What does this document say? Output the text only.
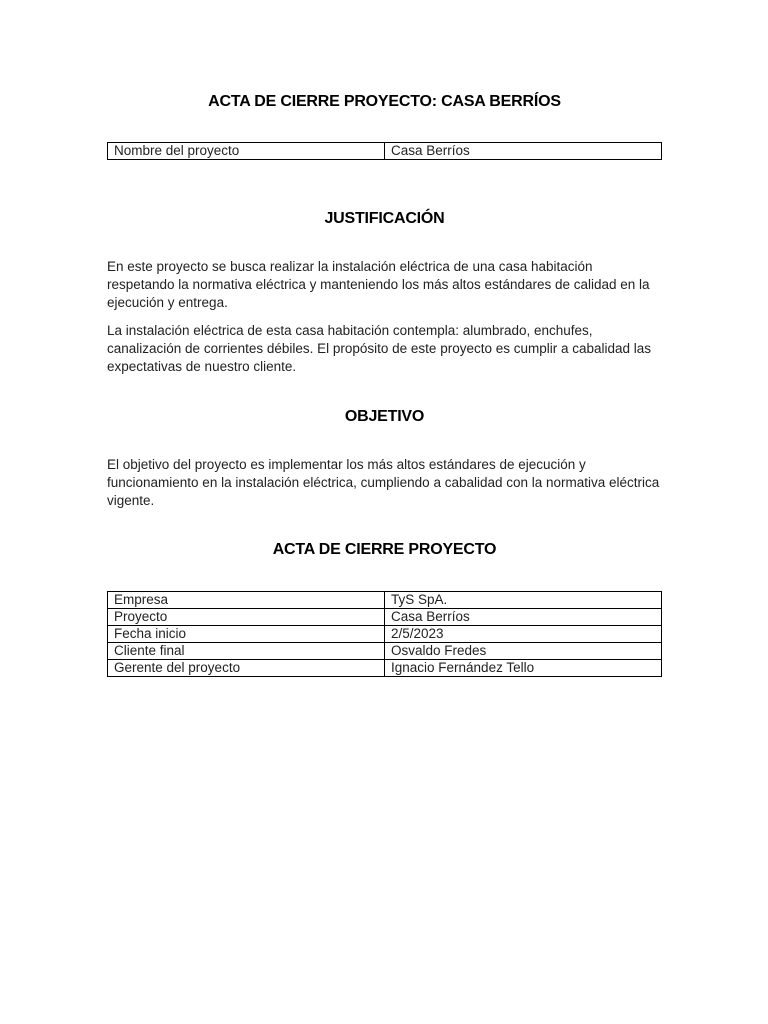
ACTA DE CIERRE PROYECTO: CASA BERRÍOS
Nombre del proyecto	Casa Berríos
JUSTIFICACIÓN

En este proyecto se busca realizar la instalación eléctrica de una casa habitación respetando la normativa eléctrica y manteniendo los más altos estándares de calidad en la ejecución y entrega.

La instalación eléctrica de esta casa habitación contempla: alumbrado, enchufes, canalización de corrientes débiles. El propósito de este proyecto es cumplir a cabalidad las expectativas de nuestro cliente.

OBJETIVO

El objetivo del proyecto es implementar los más altos estándares de ejecución y funcionamiento en la instalación eléctrica, cumpliendo a cabalidad con la normativa eléctrica vigente.

ACTA DE CIERRE PROYECTO
Empresa	TyS SpA.
Proyecto	Casa Berríos
Fecha inicio	2/5/2023
Cliente final	Osvaldo Fredes
Gerente del proyecto	Ignacio Fernández Tello
